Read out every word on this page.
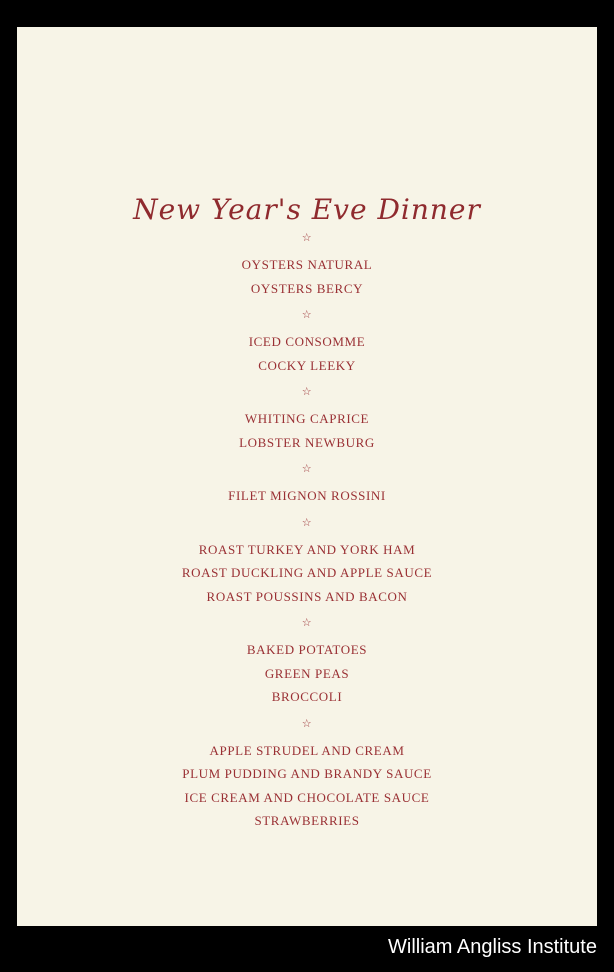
New Year's Eve Dinner
☆
OYSTERS NATURAL
OYSTERS BERCY
☆
ICED CONSOMME
COCKY LEEKY
☆
WHITING CAPRICE
LOBSTER NEWBURG
☆
FILET MIGNON ROSSINI
☆
ROAST TURKEY AND YORK HAM
ROAST DUCKLING AND APPLE SAUCE
ROAST POUSSINS AND BACON
☆
BAKED POTATOES
GREEN PEAS
BROCCOLI
☆
APPLE STRUDEL AND CREAM
PLUM PUDDING AND BRANDY SAUCE
ICE CREAM AND CHOCOLATE SAUCE
STRAWBERRIES
William Angliss Institute
